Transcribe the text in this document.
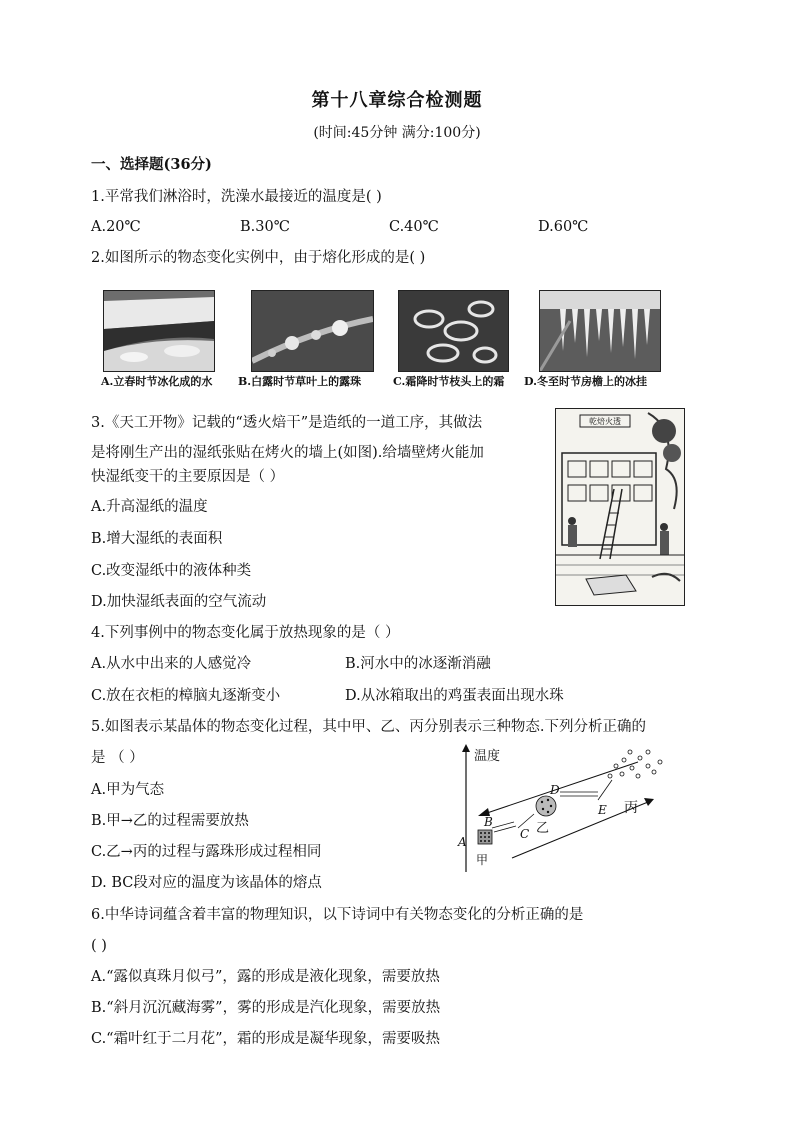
第十八章综合检测题
(时间:45分钟 满分:100分)
一、选择题(36分)
1.平常我们淋浴时，洗澡水最接近的温度是( )
A.20℃	B.30℃	C.40℃	D.60℃
2.如图所示的物态变化实例中，由于熔化形成的是( )
A.立春时节冰化成的水 B.白露时节草叶上的露珠	C.霜降时节枝头上的霜 D.冬至时节房檐上的冰挂
3.《天工开物》记载的“透火焙干”是造纸的一道工序，其做法
是将刚生产出的湿纸张贴在烤火的墙上(如图).给墙壁烤火能加
快湿纸变干的主要原因是（ ）
A.升高湿纸的温度
B.增大湿纸的表面积
C.改变湿纸中的液体种类
D.加快湿纸表面的空气流动
乾焙火透
4.下列事例中的物态变化属于放热现象的是（ ）
A.从水中出来的人感觉冷	B.河水中的冰逐渐消融
C.放在衣柜的樟脑丸逐渐变小	D.从冰箱取出的鸡蛋表面出现水珠
5.如图表示某晶体的物态变化过程，其中甲、乙、丙分别表示三种物态.下列分析正确的
是 （ ）
A.甲为气态
B.甲→乙的过程需要放热
C.乙→丙的过程与露珠形成过程相同
D. BC段对应的温度为该晶体的熔点
温度
A
B
C
D
E
甲
乙
丙
6.中华诗词蕴含着丰富的物理知识，以下诗词中有关物态变化的分析正确的是
( )
A.“露似真珠月似弓”，露的形成是液化现象，需要放热
B.“斜月沉沉藏海雾”，雾的形成是汽化现象，需要放热
C.“霜叶红于二月花”，霜的形成是凝华现象，需要吸热
